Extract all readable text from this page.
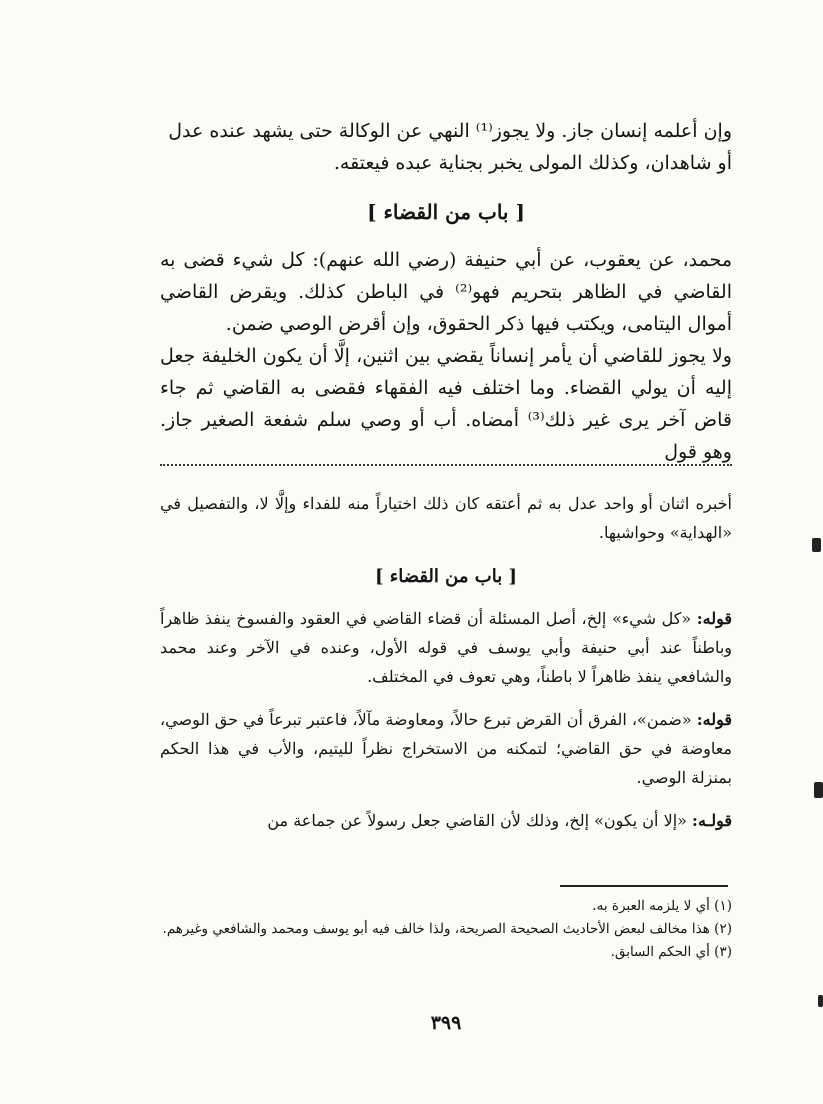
وإن أعلمه إنسان جاز. ولا يجوز⁽¹⁾ النهي عن الوكالة حتى يشهد عنده عدل

أو شاهدان، وكذلك المولى يخبر بجناية عبده فيعتقه.

[ باب من القضاء ]

محمد، عن يعقوب، عن أبي حنيفة (رضي الله عنهم): كل شيء قضى به القاضي في الظاهر بتحريم فهو⁽²⁾ في الباطن كذلك. ويقرض القاضي أموال اليتامى، ويكتب فيها ذكر الحقوق، وإن أقرض الوصي ضمن.

ولا يجوز للقاضي أن يأمر إنساناً يقضي بين اثنين، إلَّا أن يكون الخليفة جعل إليه أن يولي القضاء. وما اختلف فيه الفقهاء فقضى به القاضي ثم جاء قاض آخر يرى غير ذلك⁽³⁾ أمضاه. أب أو وصي سلم شفعة الصغير جاز. وهو قول

أخبره اثنان أو واحد عدل به ثم أعتقه كان ذلك اختياراً منه للفداء وإلَّا لا، والتفصيل في «الهداية» وحواشيها.

[ باب من القضاء ]

قوله: «كل شيء» إلخ، أصل المسئلة أن قضاء القاضي في العقود والفسوخ ينفذ ظاهراً وباطناً عند أبي حنيفة وأبي يوسف في قوله الأول، وعنده في الآخر وعند محمد والشافعي ينفذ ظاهراً لا باطناً، وهي تعوف في المختلف.

قوله: «ضمن»، الفرق أن القرض تبرع حالاً، ومعاوضة مآلاً، فاعتبر تبرعاً في حق الوصي، معاوضة في حق القاضي؛ لتمكنه من الاستخراج نظراً لليتيم، والأب في هذا الحكم بمنزلة الوصي.

قولـه: «إلا أن يكون» إلخ، وذلك لأن القاضي جعل رسولاً عن جماعة من

(١) أي لا يلزمه العبرة به.

(٢) هذا مخالف لبعض الأحاديث الصحيحة الصريحة، ولذا خالف فيه أبو يوسف ومحمد والشافعي وغيرهم.

(٣) أي الحكم السابق.

٣٩٩
